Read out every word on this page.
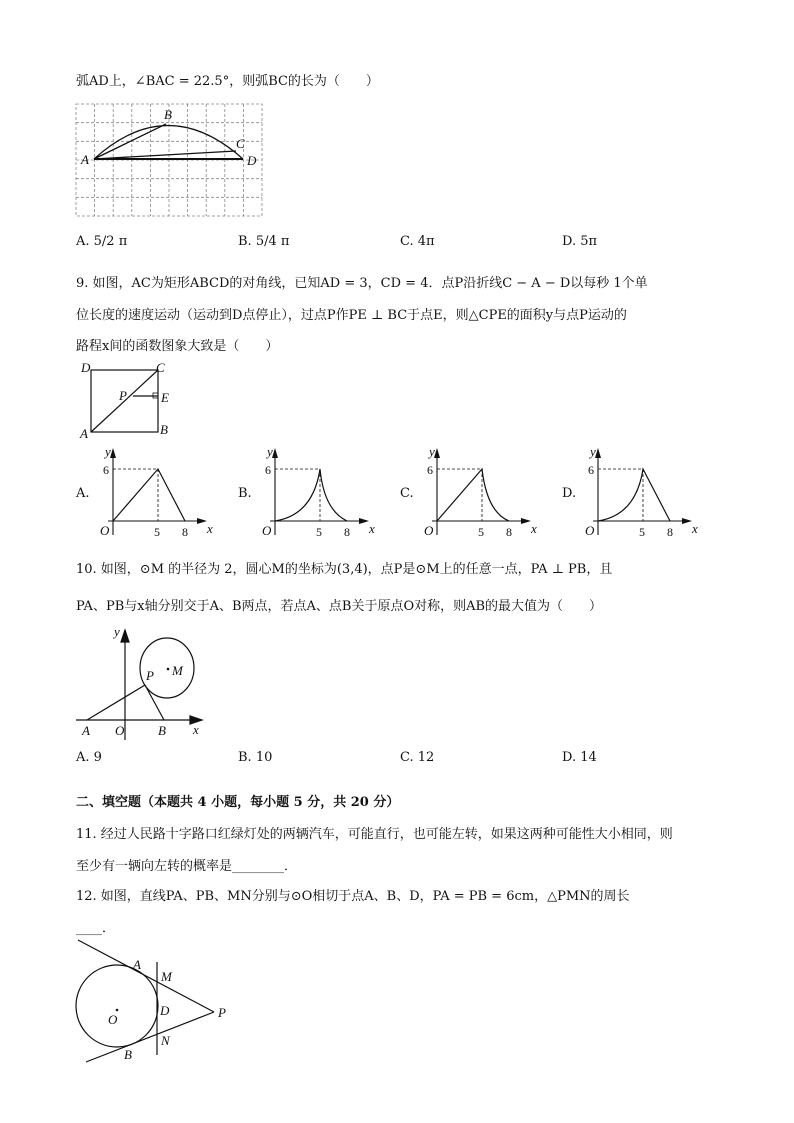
弧AD上，∠BAC = 22.5°，则弧BC的长为（　　）
A
B
C
D
D	C
P	E
A	B
y
x
O
6
5 8
y
x
O
6
5 8
y
x
O
6
5 8
y
x
O
6
5 8
y
x
A O	B
P M
A
M
D	P
O
N
B
A. 5/2 π	B. 5/4 π	C. 4π	D. 5π
9. 如图，AC为矩形ABCD的对角线，已知AD = 3，CD = 4．点P沿折线C − A − D以每秒 1个单
位长度的速度运动（运动到D点停止），过点P作PE ⊥ BC于点E，则△CPE的面积y与点P运动的
路程x间的函数图象大致是（　　）
A.	B.	C.	D.
10. 如图，⊙M 的半径为 2，圆心M的坐标为(3,4)，点P是⊙M上的任意一点，PA ⊥ PB，且
PA、PB与x轴分别交于A、B两点，若点A、点B关于原点O对称，则AB的最大值为（　　）
A. 9	B. 10	C. 12	D. 14
二、填空题（本题共 4 小题，每小题 5 分，共 20 分）
11. 经过人民路十字路口红绿灯处的两辆汽车，可能直行，也可能左转，如果这两种可能性大小相同，则
至少有一辆向左转的概率是________．
12. 如图，直线PA、PB、MN分别与⊙O相切于点A、B、D，PA = PB = 6cm，△PMN的周长
____．
